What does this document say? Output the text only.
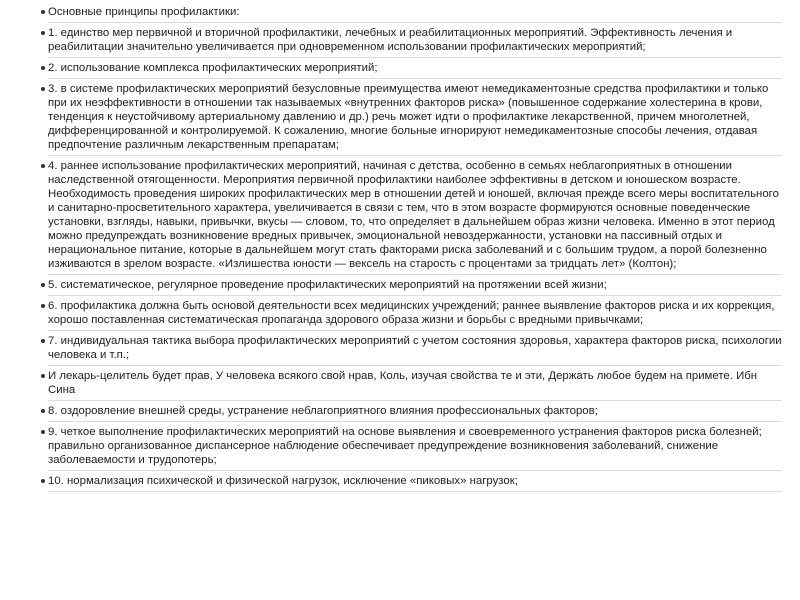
Основные принципы профилактики:
1. единство мер первичной и вторичной профилактики, лечебных и реабилитационных мероприятий. Эффективность лечения и реабилитации значительно увеличивается при одновременном использовании профилактических мероприятий;
2. использование комплекса профилактических мероприятий;
3. в системе профилактических мероприятий безусловные преимущества имеют немедикаментозные средства профилактики и только при их неэффективности в отношении так называемых «внутренних факторов риска» (повышенное содержание холестерина в крови, тенденция к неустойчивому артериальному давлению и др.) речь может идти о профилактике лекарственной, причем многолетней, дифференцированной и контролируемой. К сожалению, многие больные игнорируют немедикаментозные способы лечения, отдавая предпочтение различным лекарственным препаратам;
4. раннее использование профилактических мероприятий, начиная с детства, особенно в семьях неблагоприятных в отношении наследственной отягощенности. Мероприятия первичной профилактики наиболее эффективны в детском и юношеском возрасте. Необходимость проведения широких профилактических мер в отношении детей и юношей, включая прежде всего меры воспитательного и санитарно-просветительного характера, увеличивается в связи с тем, что в этом возрасте формируются основные поведенческие установки, взгляды, навыки, привычки, вкусы — словом, то, что определяет в дальнейшем образ жизни человека. Именно в этот период можно предупреждать возникновение вредных привычек, эмоциональной невоздержанности, установки на пассивный отдых и нерациональное питание, которые в дальнейшем могут стать факторами риска заболеваний и с большим трудом, а порой болезненно изживаются в зрелом возрасте. «Излишества юности — вексель на старость с процентами за тридцать лет» (Колтон);
5. систематическое, регулярное проведение профилактических мероприятий на протяжении всей жизни;
6. профилактика должна быть основой деятельности всех медицинских учреждений; раннее выявление факторов риска и их коррекция, хорошо поставленная систематическая пропаганда здорового образа жизни и борьбы с вредными привычками;
7. индивидуальная тактика выбора профилактических мероприятий с учетом состояния здоровья, характера факторов риска, психологии человека и т.п.;
И лекарь-целитель будет прав, У человека всякого свой нрав, Коль, изучая свойства те и эти, Держать любое будем на примете. Ибн Сина
8. оздоровление внешней среды, устранение неблагоприятного влияния профессиональных факторов;
9. четкое выполнение профилактических мероприятий на основе выявления и своевременного устранения факторов риска болезней; правильно организованное диспансерное наблюдение обеспечивает предупреждение возникновения заболеваний, снижение заболеваемости и трудопотерь;
10. нормализация психической и физической нагрузок, исключение «пиковых» нагрузок;
